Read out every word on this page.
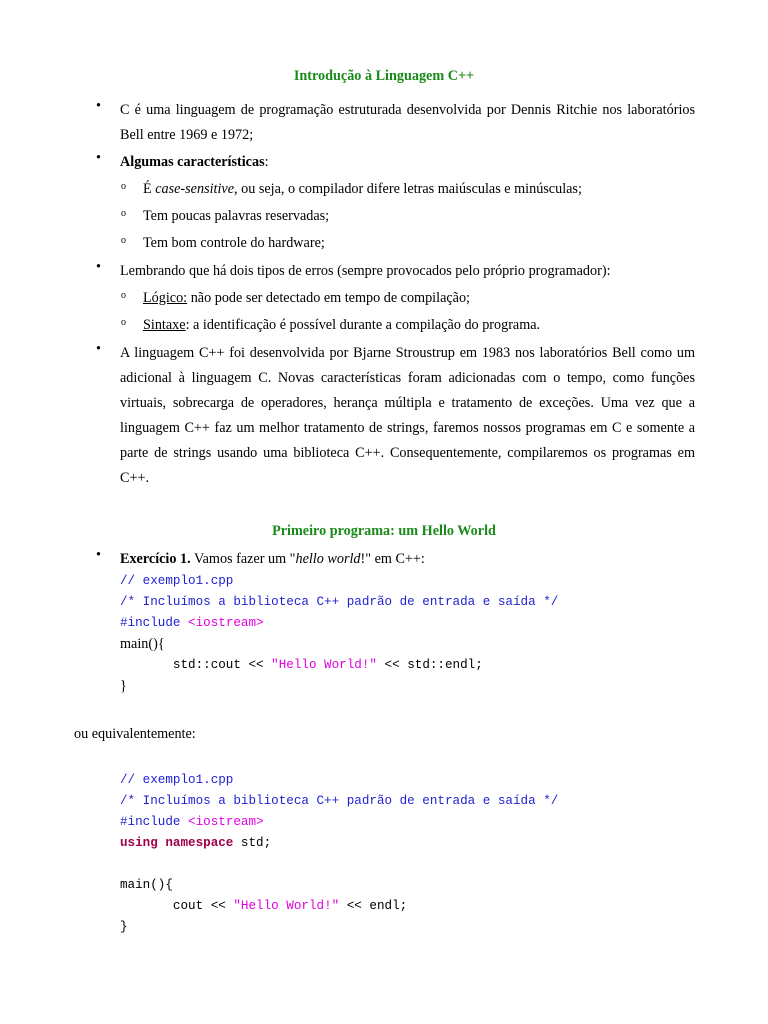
Introdução à Linguagem C++
• C é uma linguagem de programação estruturada desenvolvida por Dennis Ritchie nos laboratórios Bell entre 1969 e 1972;
• Algumas características:
o É case-sensitive, ou seja, o compilador difere letras maiúsculas e minúsculas;
o Tem poucas palavras reservadas;
o Tem bom controle do hardware;
• Lembrando que há dois tipos de erros (sempre provocados pelo próprio programador):
o Lógico: não pode ser detectado em tempo de compilação;
o Sintaxe: a identificação é possível durante a compilação do programa.
• A linguagem C++ foi desenvolvida por Bjarne Stroustrup em 1983 nos laboratórios Bell como um adicional à linguagem C. Novas características foram adicionadas com o tempo, como funções virtuais, sobrecarga de operadores, herança múltipla e tratamento de exceções. Uma vez que a linguagem C++ faz um melhor tratamento de strings, faremos nossos programas em C e somente a parte de strings usando uma biblioteca C++. Consequentemente, compilaremos os programas em C++.
Primeiro programa: um Hello World
• Exercício 1. Vamos fazer um "hello world!" em C++:
// exemplo1.cpp
/* Incluímos a biblioteca C++ padrão de entrada e saída */
#include <iostream>
main(){
std::cout << "Hello World!" << std::endl;
}
ou equivalentemente:
// exemplo1.cpp
/* Incluímos a biblioteca C++ padrão de entrada e saída */
#include <iostream>
using namespace std;

main(){
cout << "Hello World!" << endl;
}
